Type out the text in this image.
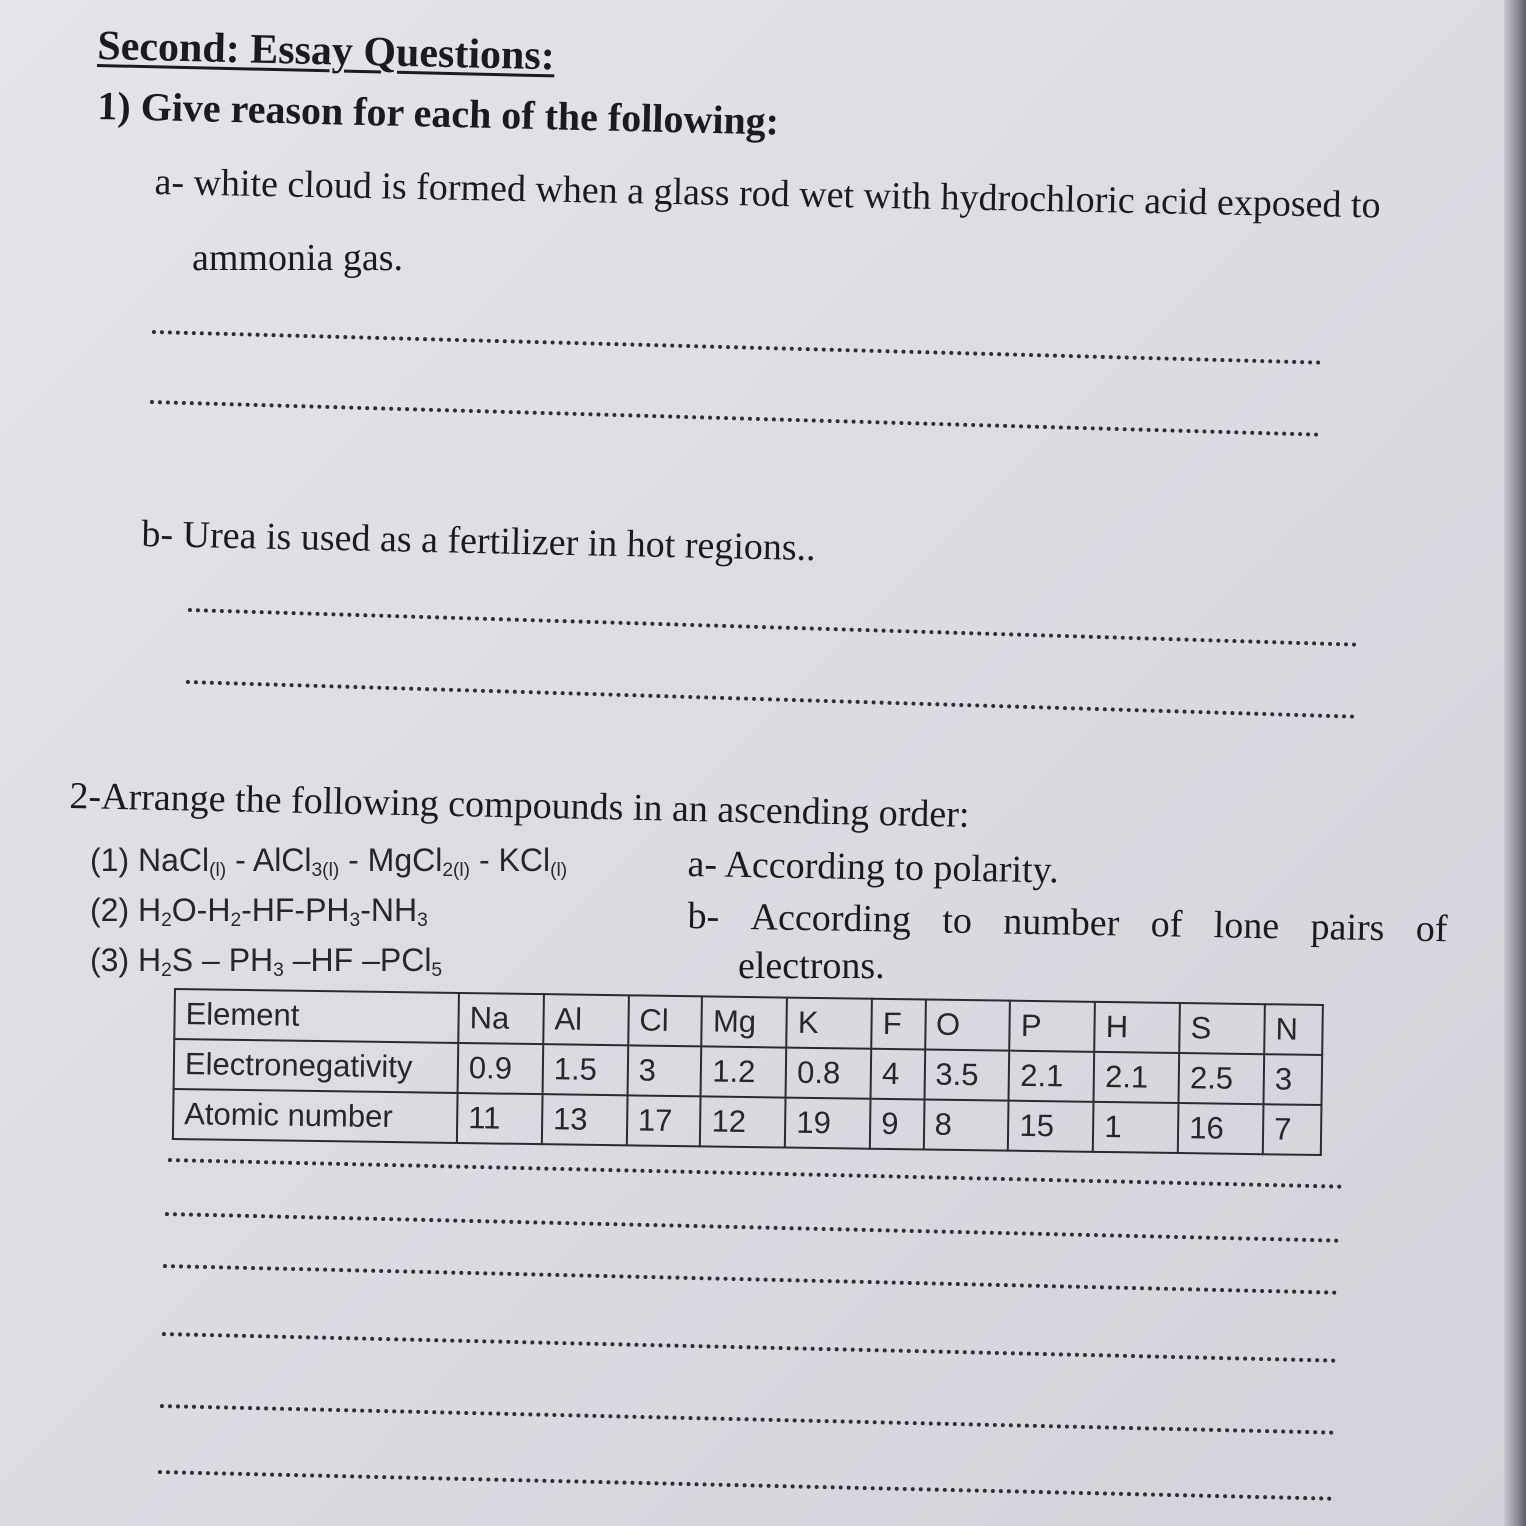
Second: Essay Questions:
1) Give reason for each of the following:
a- white cloud is formed when a glass rod wet with hydrochloric acid exposed to
ammonia gas.
b- Urea is used as a fertilizer in hot regions..
2-Arrange the following compounds in an ascending order:
(1) NaCl$_{(l)}$ - AlCl$_{3(l)}$ - MgCl$_{2(l)}$ - KCl$_{(l)}$
(2) $H_2O-H_2-HF-PH_3-NH_3$
(3) $H_2S - PH_3$ –HF –PCl$_5$
a- According to polarity.
b- According to number of lone pairs of
electrons.
Element	Na	Al	Cl	Mg	K	F	O	P	H	S	N
Electronegativity	0.9	1.5	3	1.2	0.8	4	3.5	2.1	2.1	2.5	3
Atomic number	11	13	17	12	19	9	8	15	1	16	7
